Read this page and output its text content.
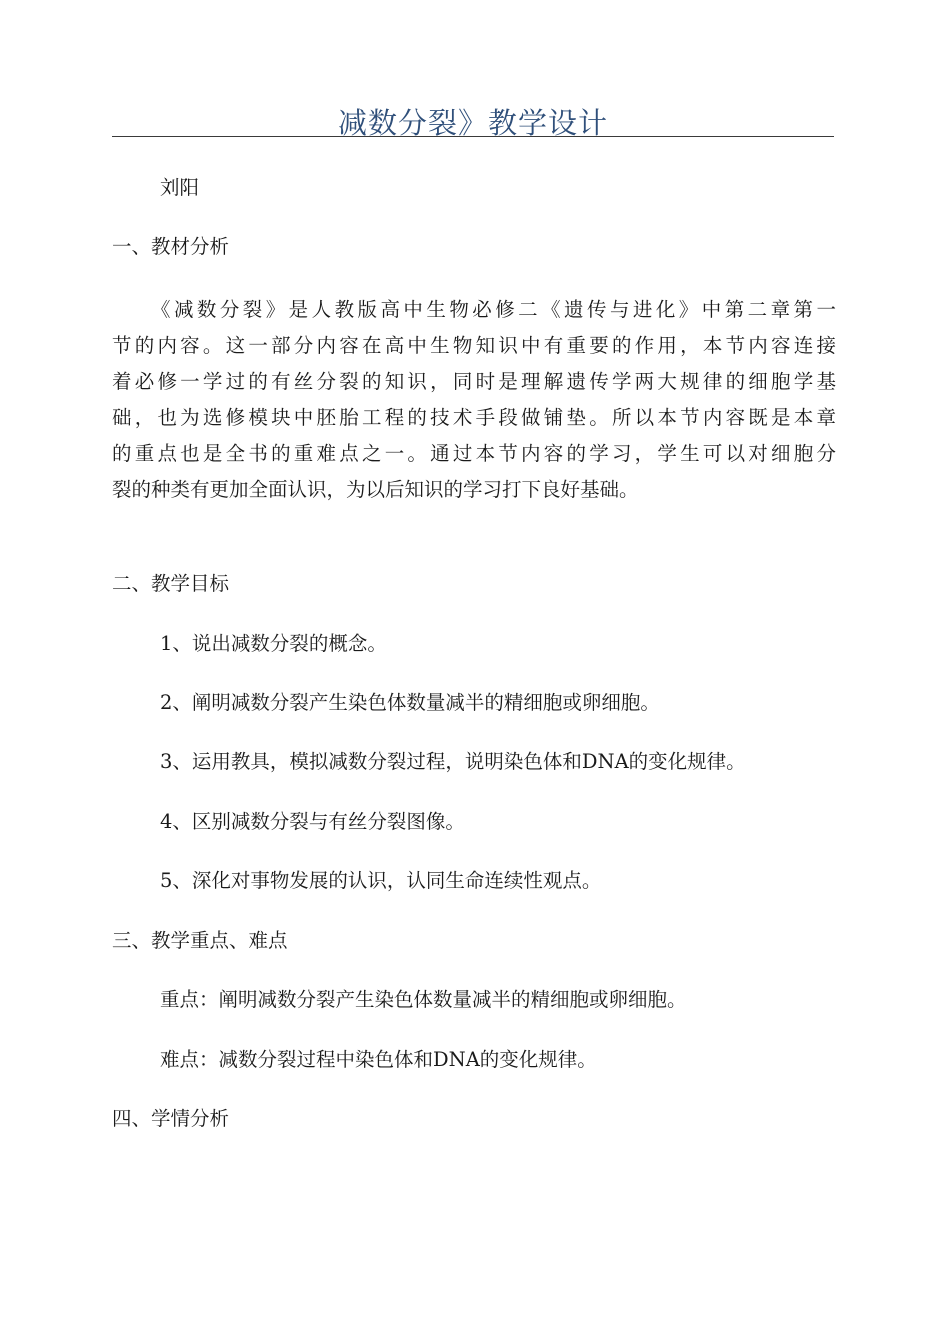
减数分裂》教学设计
刘阳
一、教材分析
《减数分裂》是人教版高中生物必修二《遗传与进化》中第二章第一
节的内容。这一部分内容在高中生物知识中有重要的作用，本节内容连接
着必修一学过的有丝分裂的知识，同时是理解遗传学两大规律的细胞学基
础，也为选修模块中胚胎工程的技术手段做铺垫。所以本节内容既是本章
的重点也是全书的重难点之一。通过本节内容的学习，学生可以对细胞分
裂的种类有更加全面认识，为以后知识的学习打下良好基础。
二、教学目标
1、说出减数分裂的概念。
2、阐明减数分裂产生染色体数量减半的精细胞或卵细胞。
3、运用教具，模拟减数分裂过程，说明染色体和DNA的变化规律。
4、区别减数分裂与有丝分裂图像。
5、深化对事物发展的认识，认同生命连续性观点。
三、教学重点、难点
重点：阐明减数分裂产生染色体数量减半的精细胞或卵细胞。
难点：减数分裂过程中染色体和DNA的变化规律。
四、学情分析
